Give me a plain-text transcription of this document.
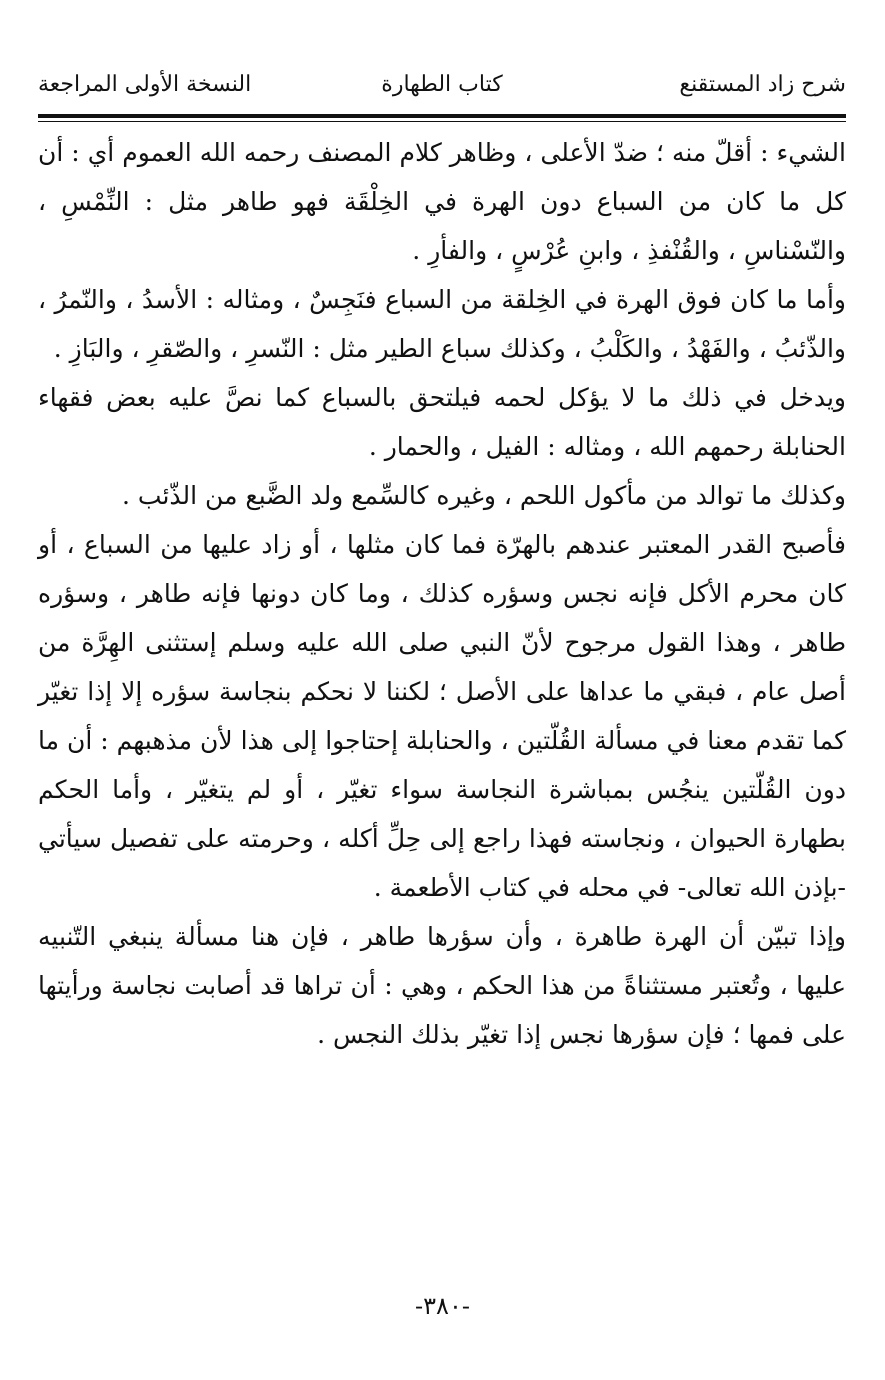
شرح زاد المستقنع
كتاب الطهارة
النسخة الأولى المراجعة

الشيء : أقلّ منه ؛ ضدّ الأعلى ، وظاهر كلام المصنف رحمه الله العموم أي : أن كل ما كان من السباع دون الهرة في الخِلْقَة فهو طاهر مثل : النِّمْسِ ، والنّسْناسِ ، والقُنْفذِ ، وابنِ عُرْسٍ ، والفأرِ .

وأما ما كان فوق الهرة في الخِلقة من السباع فنَجِسٌ ، ومثاله : الأسدُ ، والنّمرُ ، والذّئبُ ، والفَهْدُ ، والكَلْبُ ، وكذلك سباع الطير مثل : النّسرِ ، والصّقرِ ، والبَازِ .

ويدخل في ذلك ما لا يؤكل لحمه فيلتحق بالسباع كما نصَّ عليه بعض فقهاء الحنابلة رحمهم الله ، ومثاله : الفيل ، والحمار .

وكذلك ما توالد من مأكول اللحم ، وغيره كالسِّمع ولد الضَّبع من الذّئب .

فأصبح القدر المعتبر عندهم بالهرّة فما كان مثلها ، أو زاد عليها من السباع ، أو كان محرم الأكل فإنه نجس وسؤره كذلك ، وما كان دونها فإنه طاهر ، وسؤره طاهر ، وهذا القول مرجوح لأنّ النبي صلى الله عليه وسلم إستثنى الهِرَّة من أصل عام ، فبقي ما عداها على الأصل ؛ لكننا لا نحكم بنجاسة سؤره إلا إذا تغيّر كما تقدم معنا في مسألة القُلّتين ، والحنابلة إحتاجوا إلى هذا لأن مذهبهم : أن ما دون القُلّتين ينجُس بمباشرة النجاسة سواء تغيّر ، أو لم يتغيّر ، وأما الحكم بطهارة الحيوان ، ونجاسته فهذا راجع إلى حِلِّ أكله ، وحرمته على تفصيل سيأتي -بإذن الله تعالى- في محله في كتاب الأطعمة .

وإذا تبيّن أن الهرة طاهرة ، وأن سؤرها طاهر ، فإن هنا مسألة ينبغي التّنبيه عليها ، وتُعتبر مستثناةً من هذا الحكم ، وهي : أن تراها قد أصابت نجاسة ورأيتها على فمها ؛ فإن سؤرها نجس إذا تغيّر بذلك النجس .

-٣٨٠-
